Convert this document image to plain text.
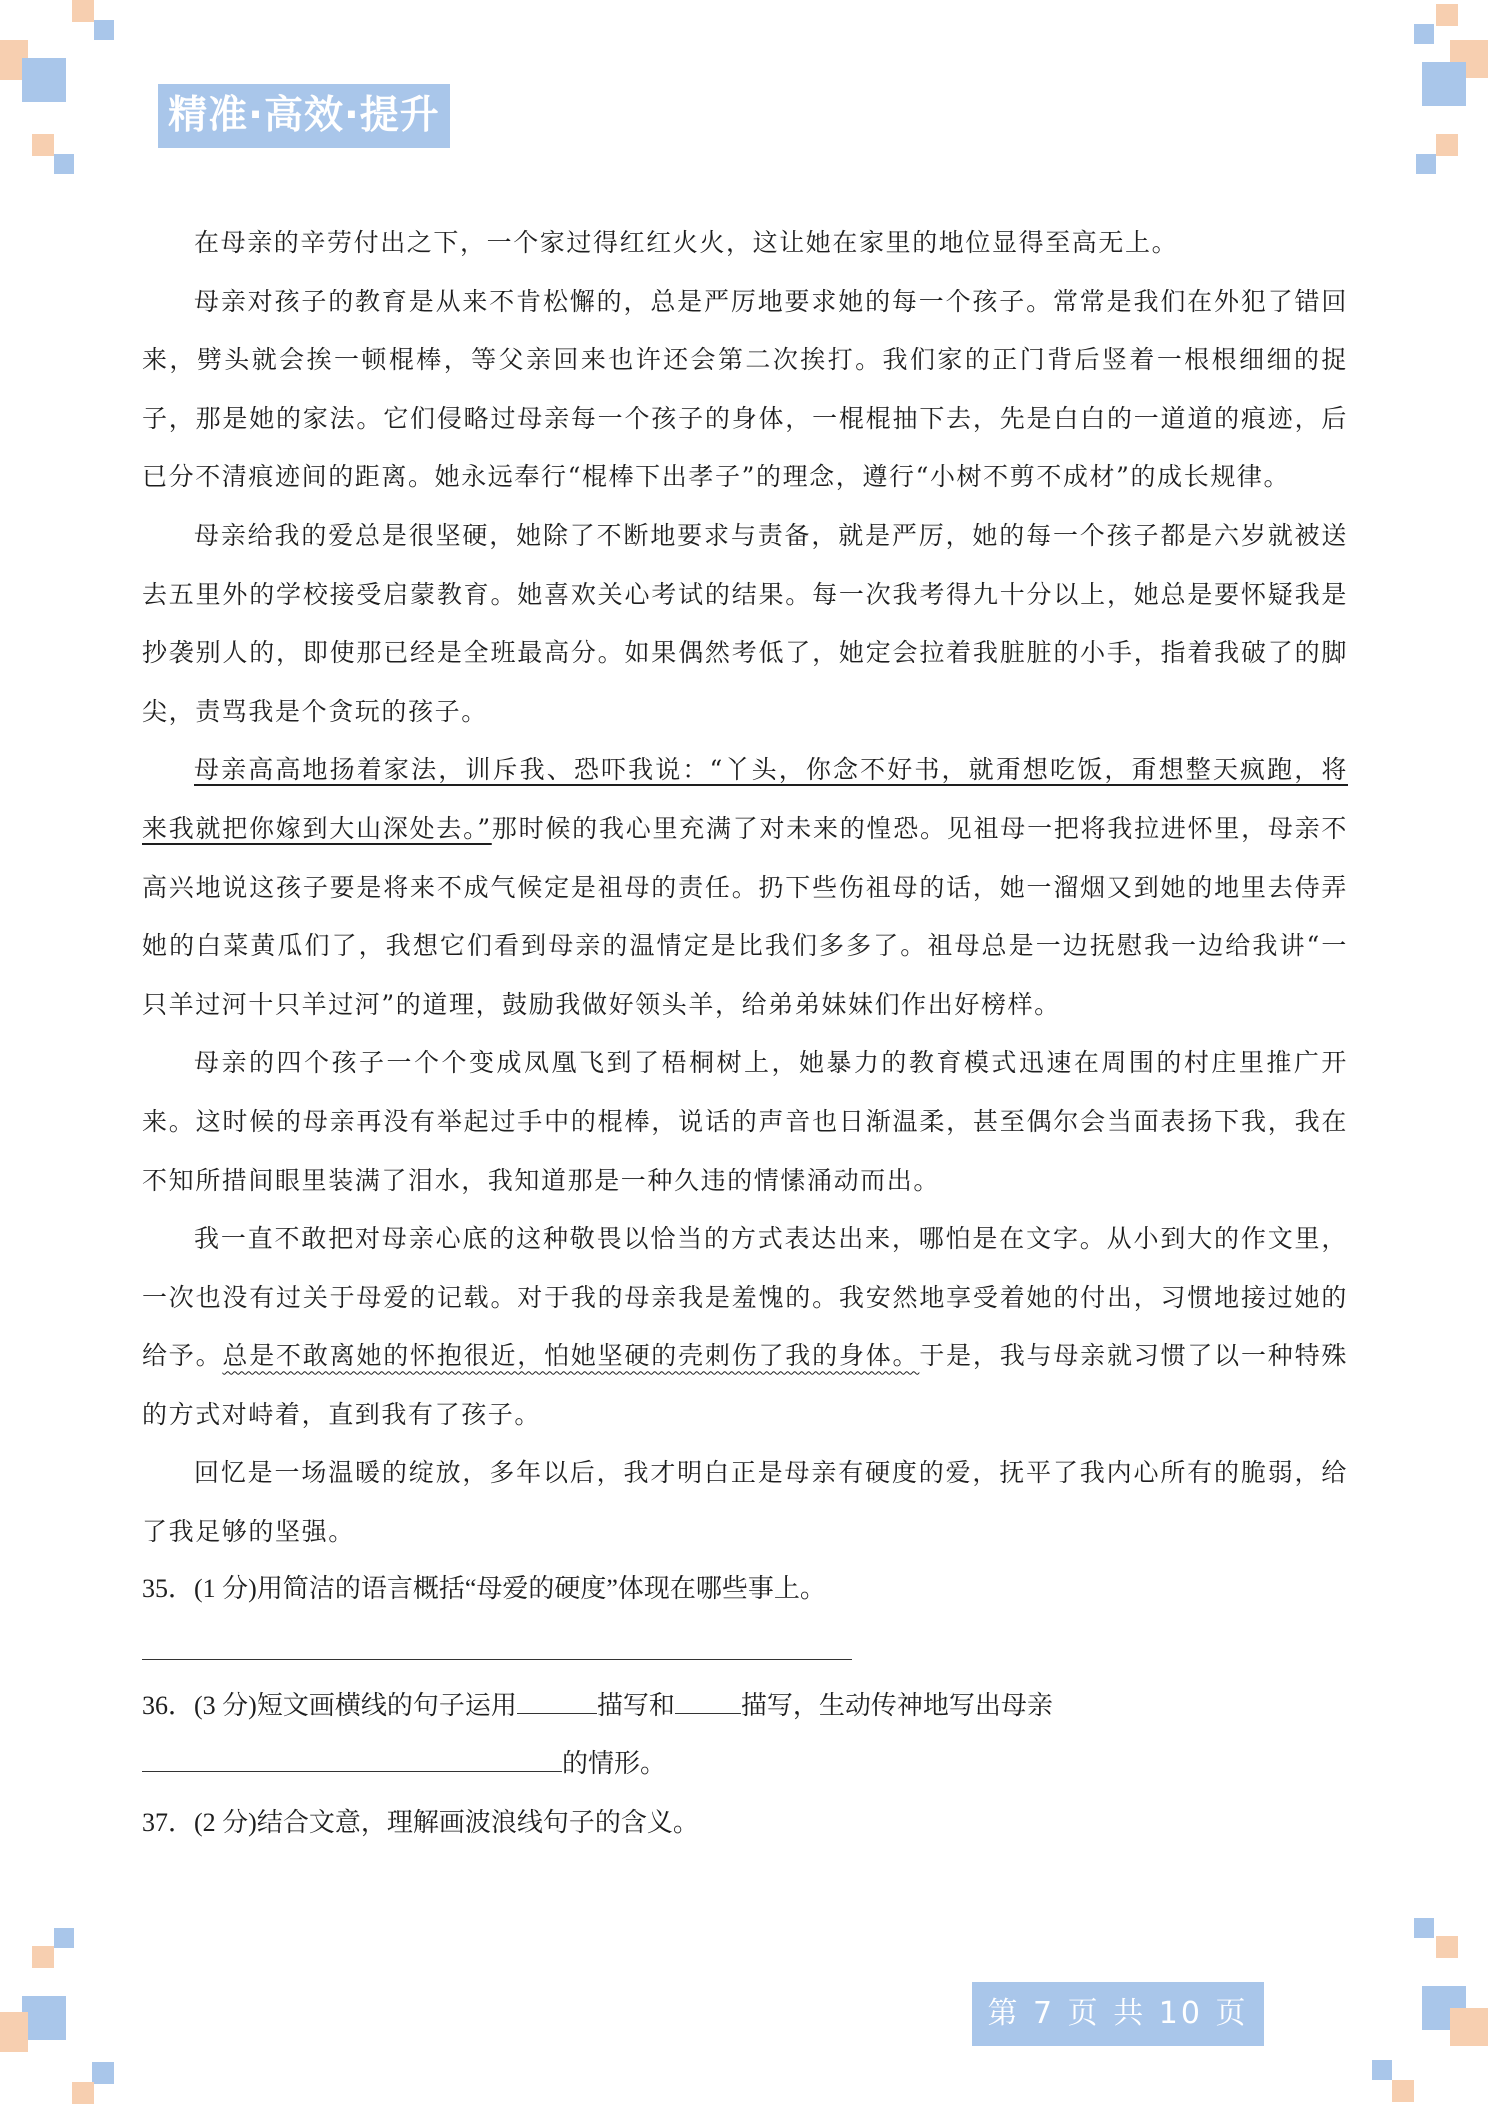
精准·高效·提升

在母亲的辛劳付出之下，一个家过得红红火火，这让她在家里的地位显得至高无上。

母亲对孩子的教育是从来不肯松懈的，总是严厉地要求她的每一个孩子。常常是我们在外犯了错回来，劈头就会挨一顿棍棒，等父亲回来也许还会第二次挨打。我们家的正门背后竖着一根根细细的捉子，那是她的家法。它们侵略过母亲每一个孩子的身体，一棍棍抽下去，先是白白的一道道的痕迹，后已分不清痕迹间的距离。她永远奉行“棍棒下出孝子”的理念，遵行“小树不剪不成材”的成长规律。

母亲给我的爱总是很坚硬，她除了不断地要求与责备，就是严厉，她的每一个孩子都是六岁就被送去五里外的学校接受启蒙教育。她喜欢关心考试的结果。每一次我考得九十分以上，她总是要怀疑我是抄袭别人的，即使那已经是全班最高分。如果偶然考低了，她定会拉着我脏脏的小手，指着我破了的脚尖，责骂我是个贪玩的孩子。

母亲高高地扬着家法，训斥我、恐吓我说：“丫头，你念不好书，就甭想吃饭，甭想整天疯跑，将来我就把你嫁到大山深处去。”那时候的我心里充满了对未来的惶恐。见祖母一把将我拉进怀里，母亲不高兴地说这孩子要是将来不成气候定是祖母的责任。扔下些伤祖母的话，她一溜烟又到她的地里去侍弄她的白菜黄瓜们了，我想它们看到母亲的温情定是比我们多多了。祖母总是一边抚慰我一边给我讲“一只羊过河十只羊过河”的道理，鼓励我做好领头羊，给弟弟妹妹们作出好榜样。

母亲的四个孩子一个个变成凤凰飞到了梧桐树上，她暴力的教育模式迅速在周围的村庄里推广开来。这时候的母亲再没有举起过手中的棍棒，说话的声音也日渐温柔，甚至偶尔会当面表扬下我，我在不知所措间眼里装满了泪水，我知道那是一种久违的情愫涌动而出。

我一直不敢把对母亲心底的这种敬畏以恰当的方式表达出来，哪怕是在文字。从小到大的作文里，一次也没有过关于母爱的记载。对于我的母亲我是羞愧的。我安然地享受着她的付出，习惯地接过她的给予。总是不敢离她的怀抱很近，怕她坚硬的壳刺伤了我的身体。于是，我与母亲就习惯了以一种特殊的方式对峙着，直到我有了孩子。

回忆是一场温暖的绽放，多年以后，我才明白正是母亲有硬度的爱，抚平了我内心所有的脆弱，给了我足够的坚强。

35．(1 分)用简洁的语言概括“母爱的硬度”体现在哪些事上。

36．(3 分)短文画横线的句子运用	描写和	描写，生动传神地写出母亲

的情形。

37．(2 分)结合文意，理解画波浪线句子的含义。

第 7 页 共 10 页
